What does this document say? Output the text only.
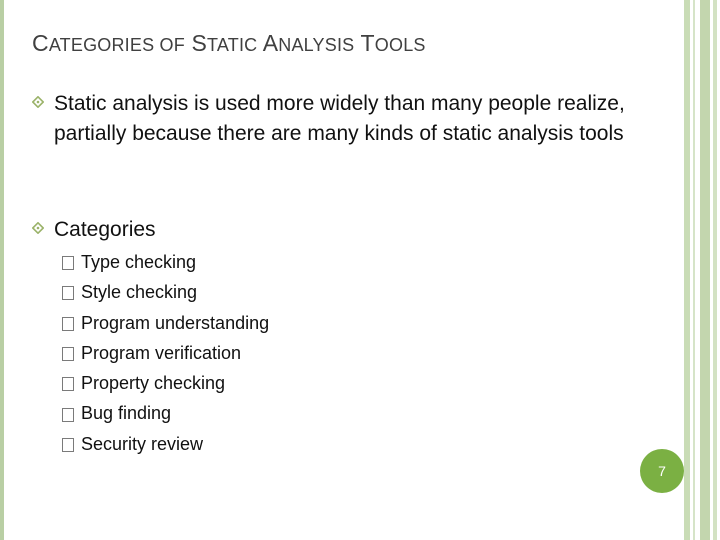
CATEGORIES OF STATIC ANALYSIS TOOLS
Static analysis is used more widely than many people realize, partially because there are many kinds of static analysis tools
Categories
Type checking
Style checking
Program understanding
Program verification
Property checking
Bug finding
Security review
7
